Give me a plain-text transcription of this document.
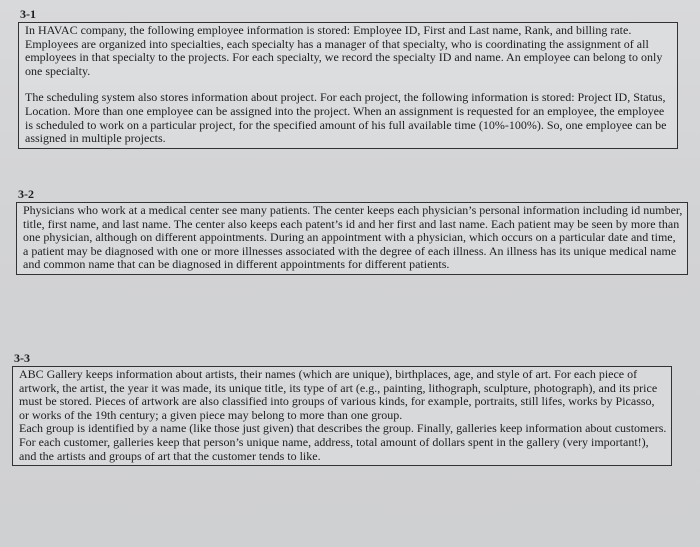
3-1

In HAVAC company, the following employee information is stored: Employee ID, First and Last name, Rank, and billing rate. Employees are organized into specialties, each specialty has a manager of that specialty, who is coordinating the assignment of all employees in that specialty to the projects. For each specialty, we record the specialty ID and name. An employee can belong to only one specialty.

The scheduling system also stores information about project. For each project, the following information is stored: Project ID, Status, Location. More than one employee can be assigned into the project. When an assignment is requested for an employee, the employee is scheduled to work on a particular project, for the specified amount of his full available time (10%-100%). So, one employee can be assigned in multiple projects.

3-2

Physicians who work at a medical center see many patients. The center keeps each physician’s personal information including id number, title, first name, and last name. The center also keeps each patent’s id and her first and last name. Each patient may be seen by more than one physician, although on different appointments. During an appointment with a physician, which occurs on a particular date and time, a patient may be diagnosed with one or more illnesses associated with the degree of each illness. An illness has its unique medical name and common name that can be diagnosed in different appointments for different patients.

3-3

ABC Gallery keeps information about artists, their names (which are unique), birthplaces, age, and style of art. For each piece of artwork, the artist, the year it was made, its unique title, its type of art (e.g., painting, lithograph, sculpture, photograph), and its price must be stored. Pieces of artwork are also classified into groups of various kinds, for example, portraits, still lifes, works by Picasso, or works of the 19th century; a given piece may belong to more than one group.

Each group is identified by a name (like those just given) that describes the group. Finally, galleries keep information about customers. For each customer, galleries keep that person’s unique name, address, total amount of dollars spent in the gallery (very important!), and the artists and groups of art that the customer tends to like.
